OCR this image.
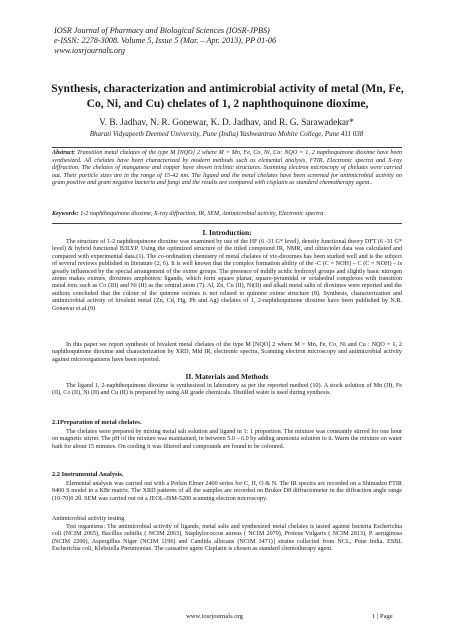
IOSR Journal of Pharmacy and Biological Sciences (IOSR-JPBS)
e-ISSN: 2278-3008. Volume 5, Issue 5 (Mar. – Apr. 2013), PP 01-06
www.iosrjournals.org
Synthesis, characterization and antimicrobial activity of metal (Mn, Fe, Co, Ni, and Cu) chelates of 1, 2 naphthoquinone dioxime,
V. B. Jadhav, N. R. Gonewar, K. D. Jadhav, and R. G. Sarawadekar*
Bharati Vidyapeeth Deemed University, Pune (India) Yashwantrao Mohite College, Pune 411 038

Abstract: Transition metal chelates of the type M [NQO] 2 where M = Mn, Fe, Co, Ni, Cu: NQO = 1, 2 napthoquinone dioxime have been synthesized. All chelates have been characterized by modern methods such as elemental analysis, FTIR, Electronic spectra and X-ray diffraction. The chelates of manganese and copper have shown triclinic structures. Scanning electron microscopy of chelates were carried out. Their particle sizes are in the range of 15-42 nm. The ligand and the metal chelates have been screened for antimicrobial activity on gram positive and gram negative bacteria and fungi and the results are compared with cisplatin as standard chemotherapy agent..

Keywords: 1-2 naphthoquinone dioxime, X-ray diffraction, IR, SEM, Antimicrobial activity, Electronic spectra

I. Introduction:

The structure of 1-2 naphthoquinone dioxime was examined by use of the HF (6 -31 G* level), density functional theory DFT (6 -31 G* level) & hybrid functional B3LYP. Using the optimized structure of the titled compound IR, NMR, and ultraviolet data was calculated and compared with experimental data.(1). The co-ordination chemistry of metal chelates of vic-dioximes has been studied well and is the subject of several reviews published in literature (2, 6). It is well known that the complex formation ability of the -C (C = NOH) – C (C = NOH) – is greatly influenced by the special arrangement of the oxime groups. The presence of mildly acidic hydroxyl groups and slightly basic nitrogen atoms makes oximes, dioximes amphoteric ligands, which form square planar, square-pyramidal or octahedral complexes with transition metal ions such as Co (III) and Ni (II) as the central atom (7). Al, Zn, Cu (II), Ni(II) and alkali metal salts of dioximes were reported and the authors concluded that the colour of the quinone oximes is not related to quinone oxime structure (8). Synthesis, characterization and antimicrobial activity of bivalent metal (Zn, Cd, Hg, Pb and Ag) chelates of 1, 2-naphthoquinone dioxime have been published by N.R. Gonawar et.al.(9)

In this paper we report synthesis of bivalent metal chelates of the type M [NQO] 2 where M = Mn, Fe, Co, Ni and Cu : NQO = 1, 2 naphthoquinone dioxime and characterization by XRD, Mid IR, electronic spectra, Scanning electron microscopy and antimicrobial activity against microorganisms have been reported.

II. Materials and Methods

The ligand 1, 2-naphthoquinone dioxime is synthesized in laboratory as per the reported method (10). A stock solution of Mn (II), Fe (II), Co (II), Ni (II) and Cu (II) is prepared by using AR grade chemicals. Distilled water is used during synthesis.

2.1Preparation of metal chelates.

The chelates were prepared by mixing metal salt solution and ligand in 1: 1 proportion. The mixture was constantly stirred for one hour on magnetic stirrer. The pH of the mixture was maintained, in between 5.0 – 6.0 by adding ammonia solution to it. Warm the mixture on water bath for about 15 minutes. On cooling it was filtered and compounds are found to be coloured.

2.2 Instrumental Analysis.

Elemental analysis was carried out with a Perkin Elmer 2400 series for C, H, O & N. The IR spectra are recorded on a Shimadzu FTIR 8400 S model in a KBr matrix. The XRD patterns of all the samples are recorded on Bruker D8 diffractometer in the diffraction angle range (10-70)0 2θ. SEM was carried out on a JEOL-JSM-5200 scanning electron microscopy.

Antimicrobial activity testing

Test organisms: The antimicrobial activity of ligands, metal salts and synthesized metal chelates is tasted against bacteria Escherichia coli (NCIM 2065), Bacillus subtilis ( NCIM 2063), Staphylococcus aureus ( NCIM 2079), Proteus Vulgaris ( NCIM 2813), P. aeruginosa (NCIM 2200), Aspergillus Niger (NCIM 1196) and Candida albicans (NCIM 3471)] strains collected from NCL, Pune India. ESBL Escherichia coli, Klebsiella Pneumoniae. The causative agent Cisplatin is chosen as standard chemotherapy agent.

www.iosrjournals.org	1 | Page
